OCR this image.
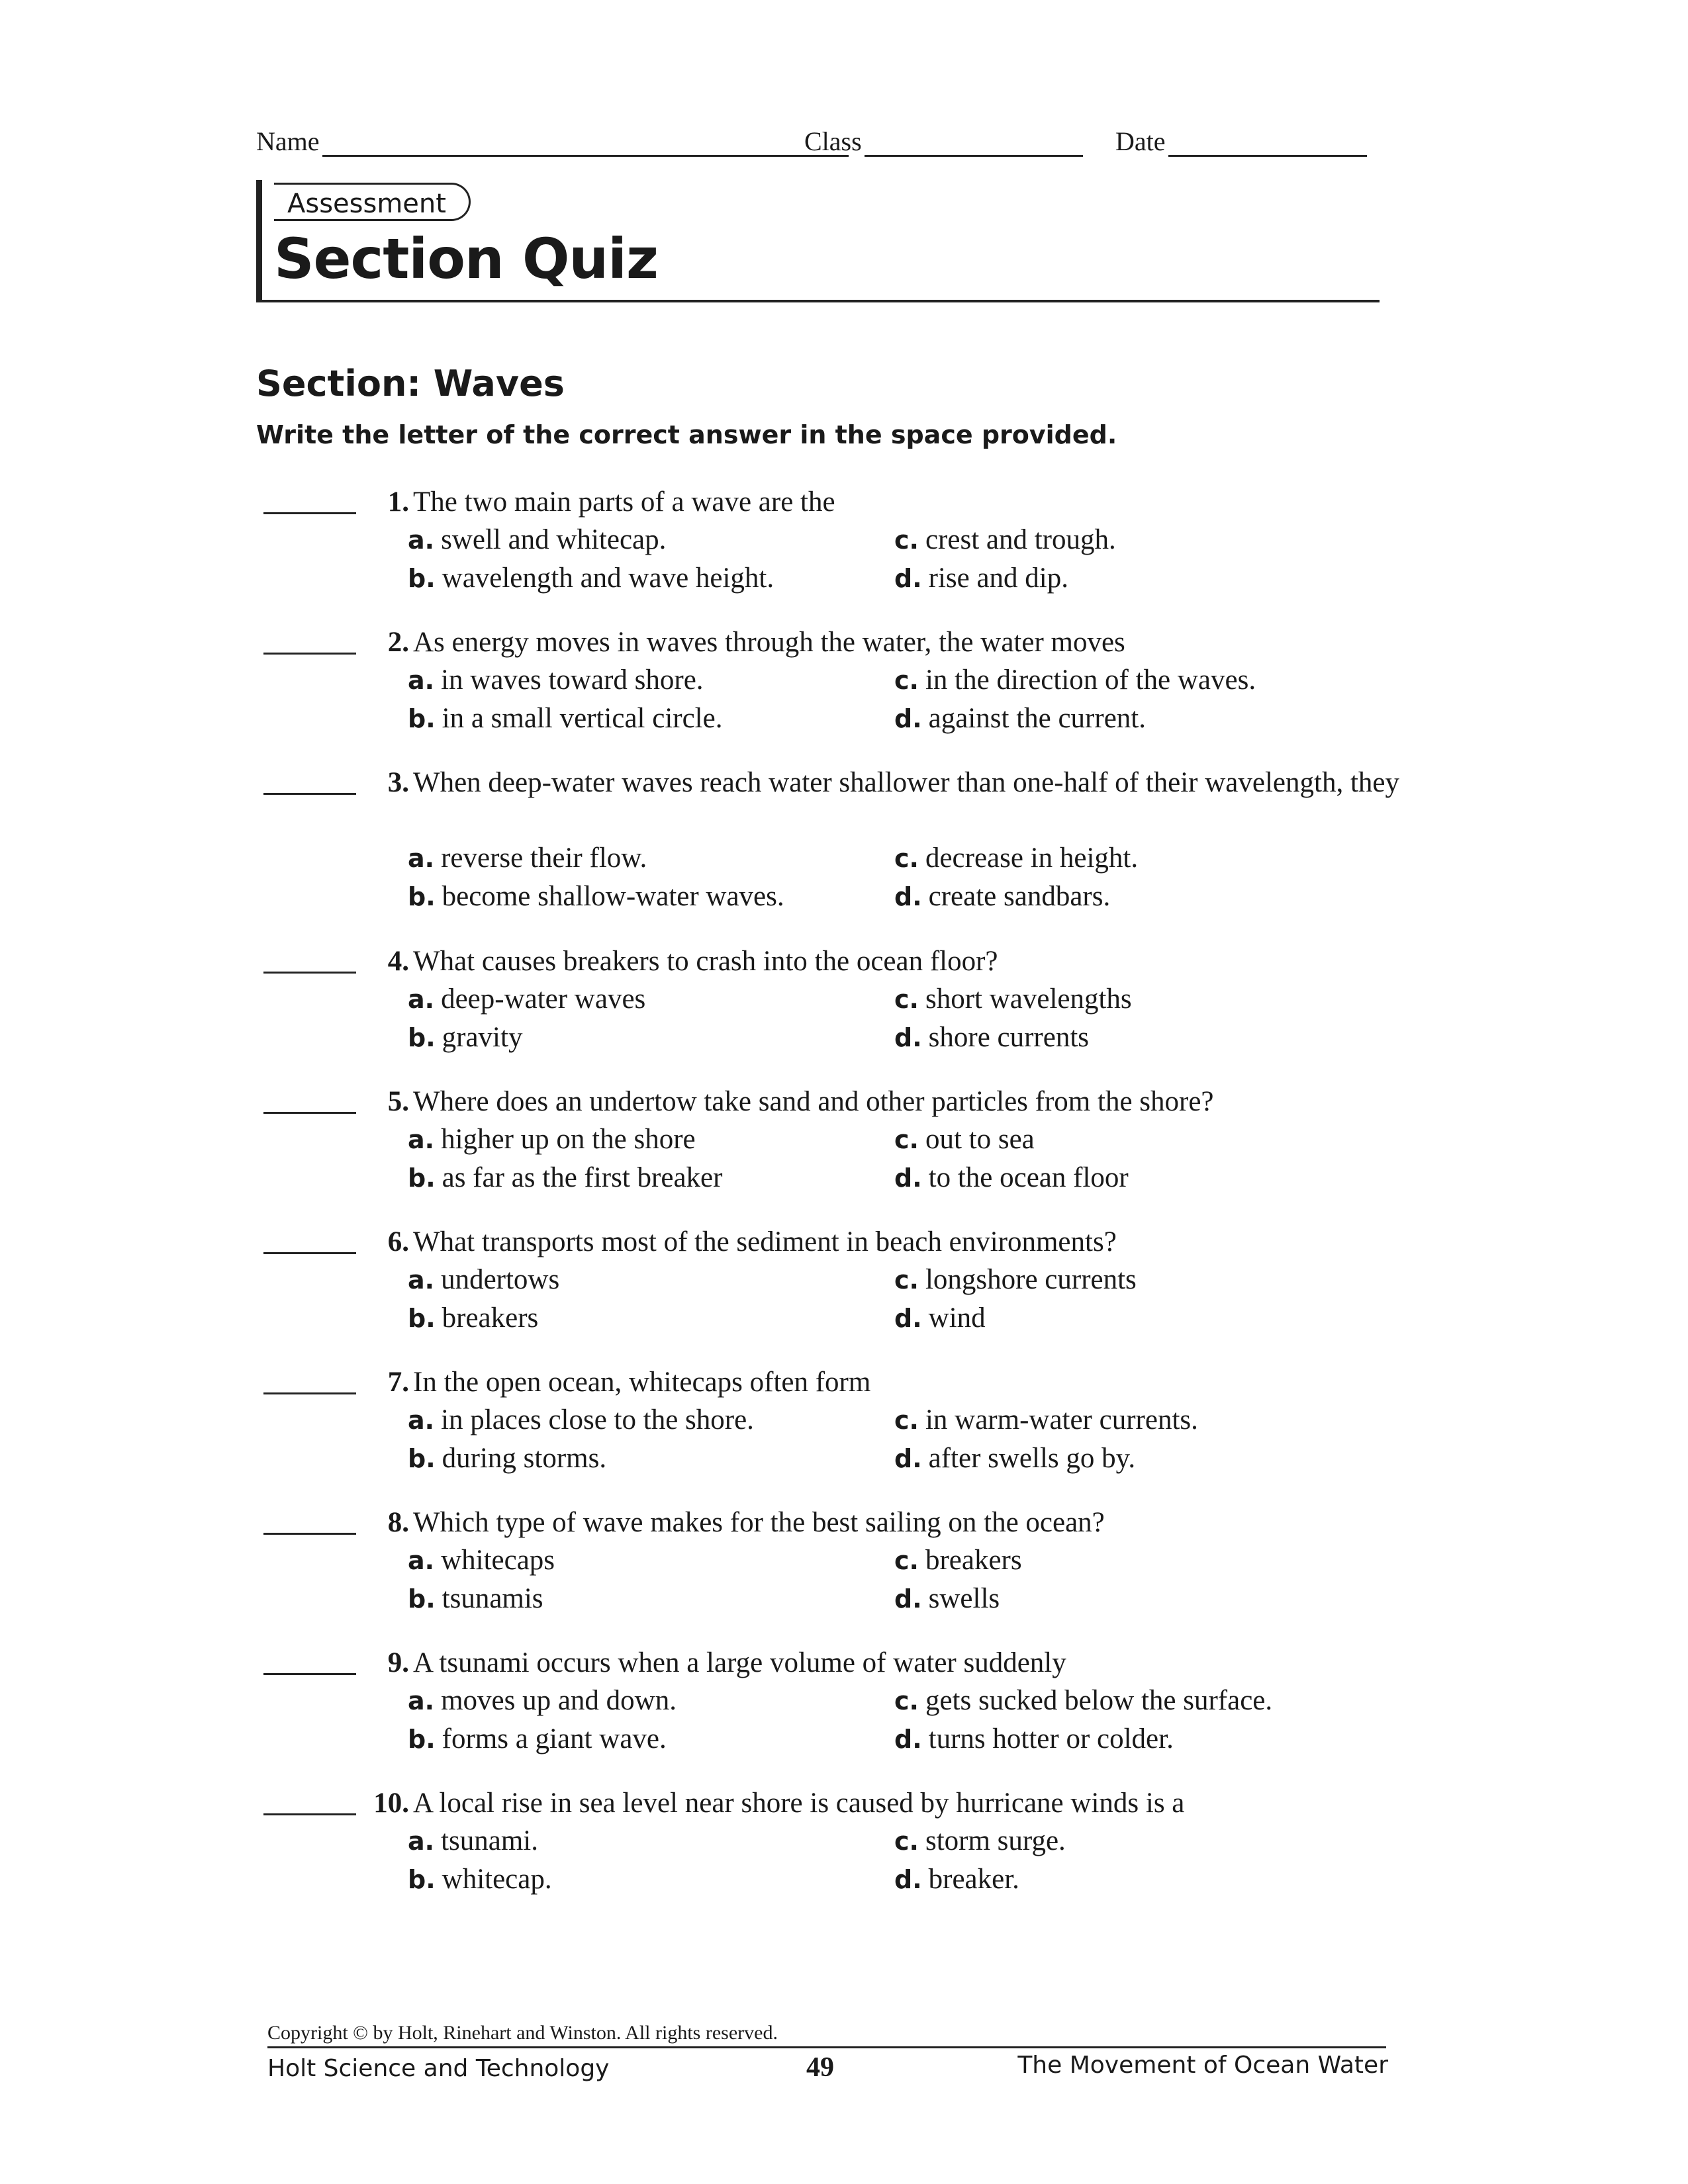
Name	Class	Date
Assessment
Section Quiz
Section: Waves
Write the letter of the correct answer in the space provided.
1. The two main parts of a wave are the
a. swell and whitecap.	c. crest and trough.
b. wavelength and wave height.	d. rise and dip.
2. As energy moves in waves through the water, the water moves
a. in waves toward shore.	c. in the direction of the waves.
b. in a small vertical circle.	d. against the current.
3. When deep-water waves reach water shallower than one-half of their wavelength, they
a. reverse their flow.	c. decrease in height.
b. become shallow-water waves.	d. create sandbars.
4. What causes breakers to crash into the ocean floor?
a. deep-water waves	c. short wavelengths
b. gravity	d. shore currents
5. Where does an undertow take sand and other particles from the shore?
a. higher up on the shore	c. out to sea
b. as far as the first breaker	d. to the ocean floor
6. What transports most of the sediment in beach environments?
a. undertows	c. longshore currents
b. breakers	d. wind
7. In the open ocean, whitecaps often form
a. in places close to the shore.	c. in warm-water currents.
b. during storms.	d. after swells go by.
8. Which type of wave makes for the best sailing on the ocean?
a. whitecaps	c. breakers
b. tsunamis	d. swells
9. A tsunami occurs when a large volume of water suddenly
a. moves up and down.	c. gets sucked below the surface.
b. forms a giant wave.	d. turns hotter or colder.
10. A local rise in sea level near shore is caused by hurricane winds is a
a. tsunami.	c. storm surge.
b. whitecap.	d. breaker.
Copyright © by Holt, Rinehart and Winston. All rights reserved.
Holt Science and Technology	49	The Movement of Ocean Water
